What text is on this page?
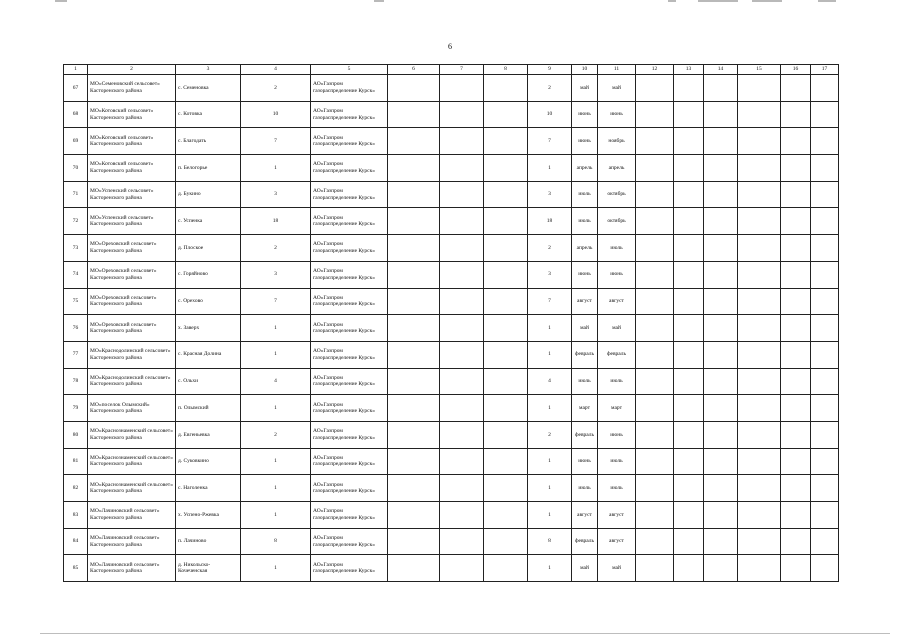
6
1	2	3	4	5	6	7	8	9	10	11	12	13	14	15	16	17
67	МО«Семеновский сельсовет» Касторенского района	с. Семеновка	2	АО«Газпром газораспределение Курск»				2	май	май						
68	МО«Котовский сельсовет» Касторенского района	с. Котовка	10	АО«Газпром газораспределение Курск»				10	июнь	июнь						
69	МО«Котовский сельсовет» Касторенского района	с. Благодать	7	АО«Газпром газораспределение Курск»				7	июнь	ноябрь						
70	МО«Котовский сельсовет» Касторенского района	п. Белогорье	1	АО«Газпром газораспределение Курск»				1	апрель	апрель						
71	МО«Успенский сельсовет» Касторенского района	д. Букино	3	АО«Газпром газораспределение Курск»				3	июль	октябрь						
72	МО«Успенский сельсовет» Касторенского района	с. Успенка	18	АО«Газпром газораспределение Курск»				18	июль	октябрь						
73	МО«Ореховский сельсовет» Касторенского района	д. Плоское	2	АО«Газпром газораспределение Курск»				2	апрель	июль						
74	МО«Ореховский сельсовет» Касторенского района	с. Горяйново	3	АО«Газпром газораспределение Курск»				3	июнь	июнь						
75	МО«Ореховский сельсовет» Касторенского района	с. Орехово	7	АО«Газпром газораспределение Курск»				7	август	август						
76	МО«Ореховский сельсовет» Касторенского района	х. Заверх	1	АО«Газпром газораспределение Курск»				1	май	май						
77	МО«Краснодолинский сельсовет» Касторенского района	с. Красная Долина	1	АО«Газпром газораспределение Курск»				1	февраль	февраль						
78	МО«Краснодолинский сельсовет» Касторенского района	с. Ольхи	4	АО«Газпром газораспределение Курск»				4	июль	июль						
79	МО«поселок Олымский» Касторенского района	п. Олымский	1	АО«Газпром газораспределение Курск»				1	март	март						
80	МО«Краснознаменский сельсовет» Касторенского района	д. Евгеньевка	2	АО«Газпром газораспределение Курск»				2	февраль	июнь						
81	МО«Краснознаменский сельсовет» Касторенского района	д. Суковкино	1	АО«Газпром газораспределение Курск»				1	июнь	июль						
82	МО«Краснознаменский сельсовет» Касторенского района	с. Наголенка	1	АО«Газпром газораспределение Курск»				1	июль	июль						
83	МО«Лачиновский сельсовет» Касторенского района	х. Успено-Ржевка	1	АО«Газпром газораспределение Курск»				1	август	август						
84	МО«Лачиновский сельсовет» Касторенского района	п. Лачиново	8	АО«Газпром газораспределение Курск»				8	февраль	август						
85	МО«Лачиновский сельсовет» Касторенского района	д. Никольско-Кочеченская	1	АО«Газпром газораспределение Курск»				1	май	май						
